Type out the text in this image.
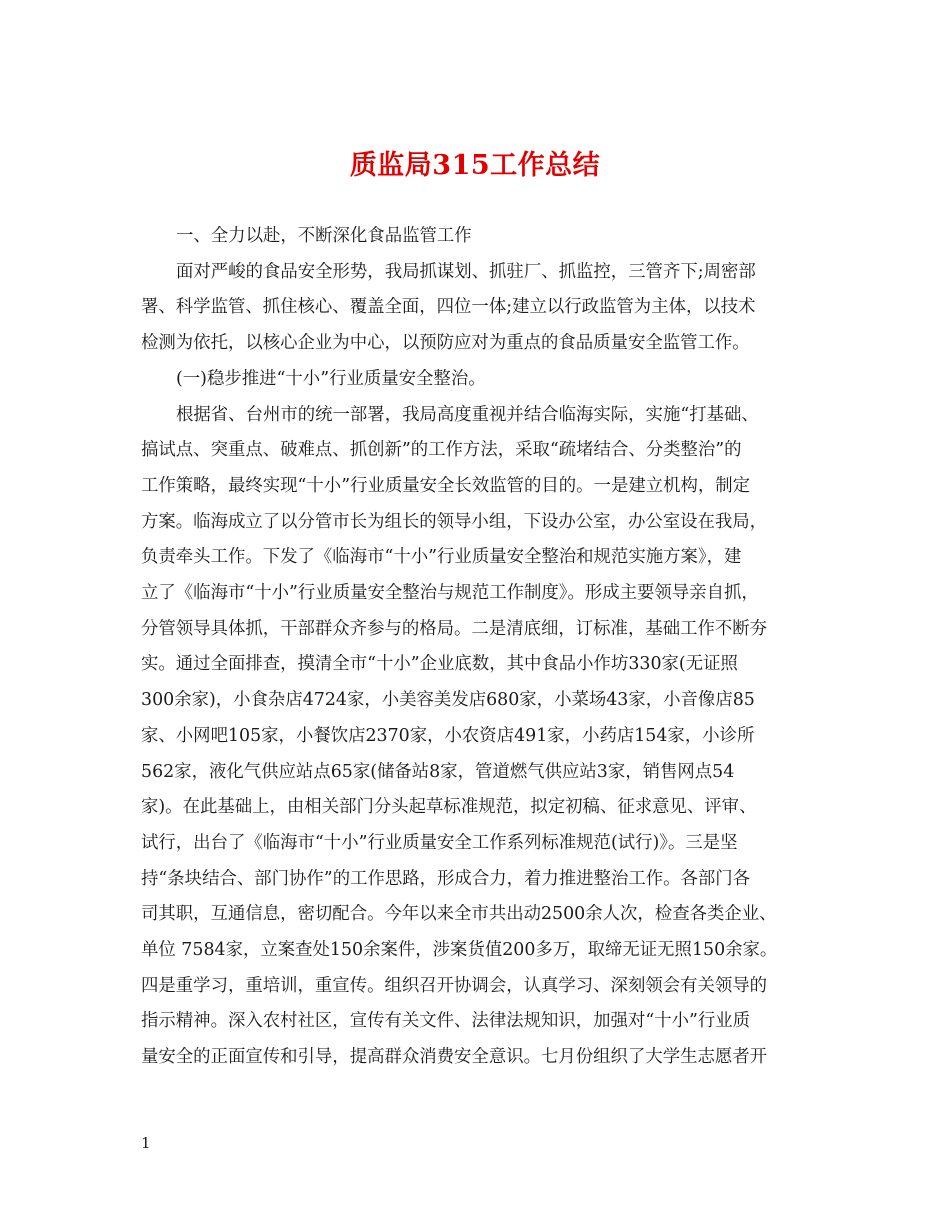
质监局315工作总结
一、全力以赴，不断深化食品监管工作
面对严峻的食品安全形势，我局抓谋划、抓驻厂、抓监控，三管齐下;周密部
署、科学监管、抓住核心、覆盖全面，四位一体;建立以行政监管为主体，以技术
检测为依托，以核心企业为中心，以预防应对为重点的食品质量安全监管工作。
(一)稳步推进“十小”行业质量安全整治。
根据省、台州市的统一部署，我局高度重视并结合临海实际，实施“打基础、
搞试点、突重点、破难点、抓创新”的工作方法，采取“疏堵结合、分类整治”的
工作策略，最终实现“十小”行业质量安全长效监管的目的。一是建立机构，制定
方案。临海成立了以分管市长为组长的领导小组，下设办公室，办公室设在我局，
负责牵头工作。下发了《临海市“十小”行业质量安全整治和规范实施方案》，建
立了《临海市“十小”行业质量安全整治与规范工作制度》。形成主要领导亲自抓，
分管领导具体抓，干部群众齐参与的格局。二是清底细，订标准，基础工作不断夯
实。通过全面排查，摸清全市“十小”企业底数，其中食品小作坊330家(无证照
300余家)，小食杂店4724家，小美容美发店680家，小菜场43家，小音像店85
家、小网吧105家，小餐饮店2370家，小农资店491家，小药店154家，小诊所
562家，液化气供应站点65家(储备站8家，管道燃气供应站3家，销售网点54
家)。在此基础上，由相关部门分头起草标准规范，拟定初稿、征求意见、评审、
试行，出台了《临海市“十小”行业质量安全工作系列标准规范(试行)》。三是坚
持“条块结合、部门协作”的工作思路，形成合力，着力推进整治工作。各部门各
司其职，互通信息，密切配合。今年以来全市共出动2500余人次，检查各类企业、
单位 7584家，立案查处150余案件，涉案货值200多万，取缔无证无照150余家。
四是重学习，重培训，重宣传。组织召开协调会，认真学习、深刻领会有关领导的
指示精神。深入农村社区，宣传有关文件、法律法规知识，加强对“十小”行业质
量安全的正面宣传和引导，提高群众消费安全意识。七月份组织了大学生志愿者开
1
